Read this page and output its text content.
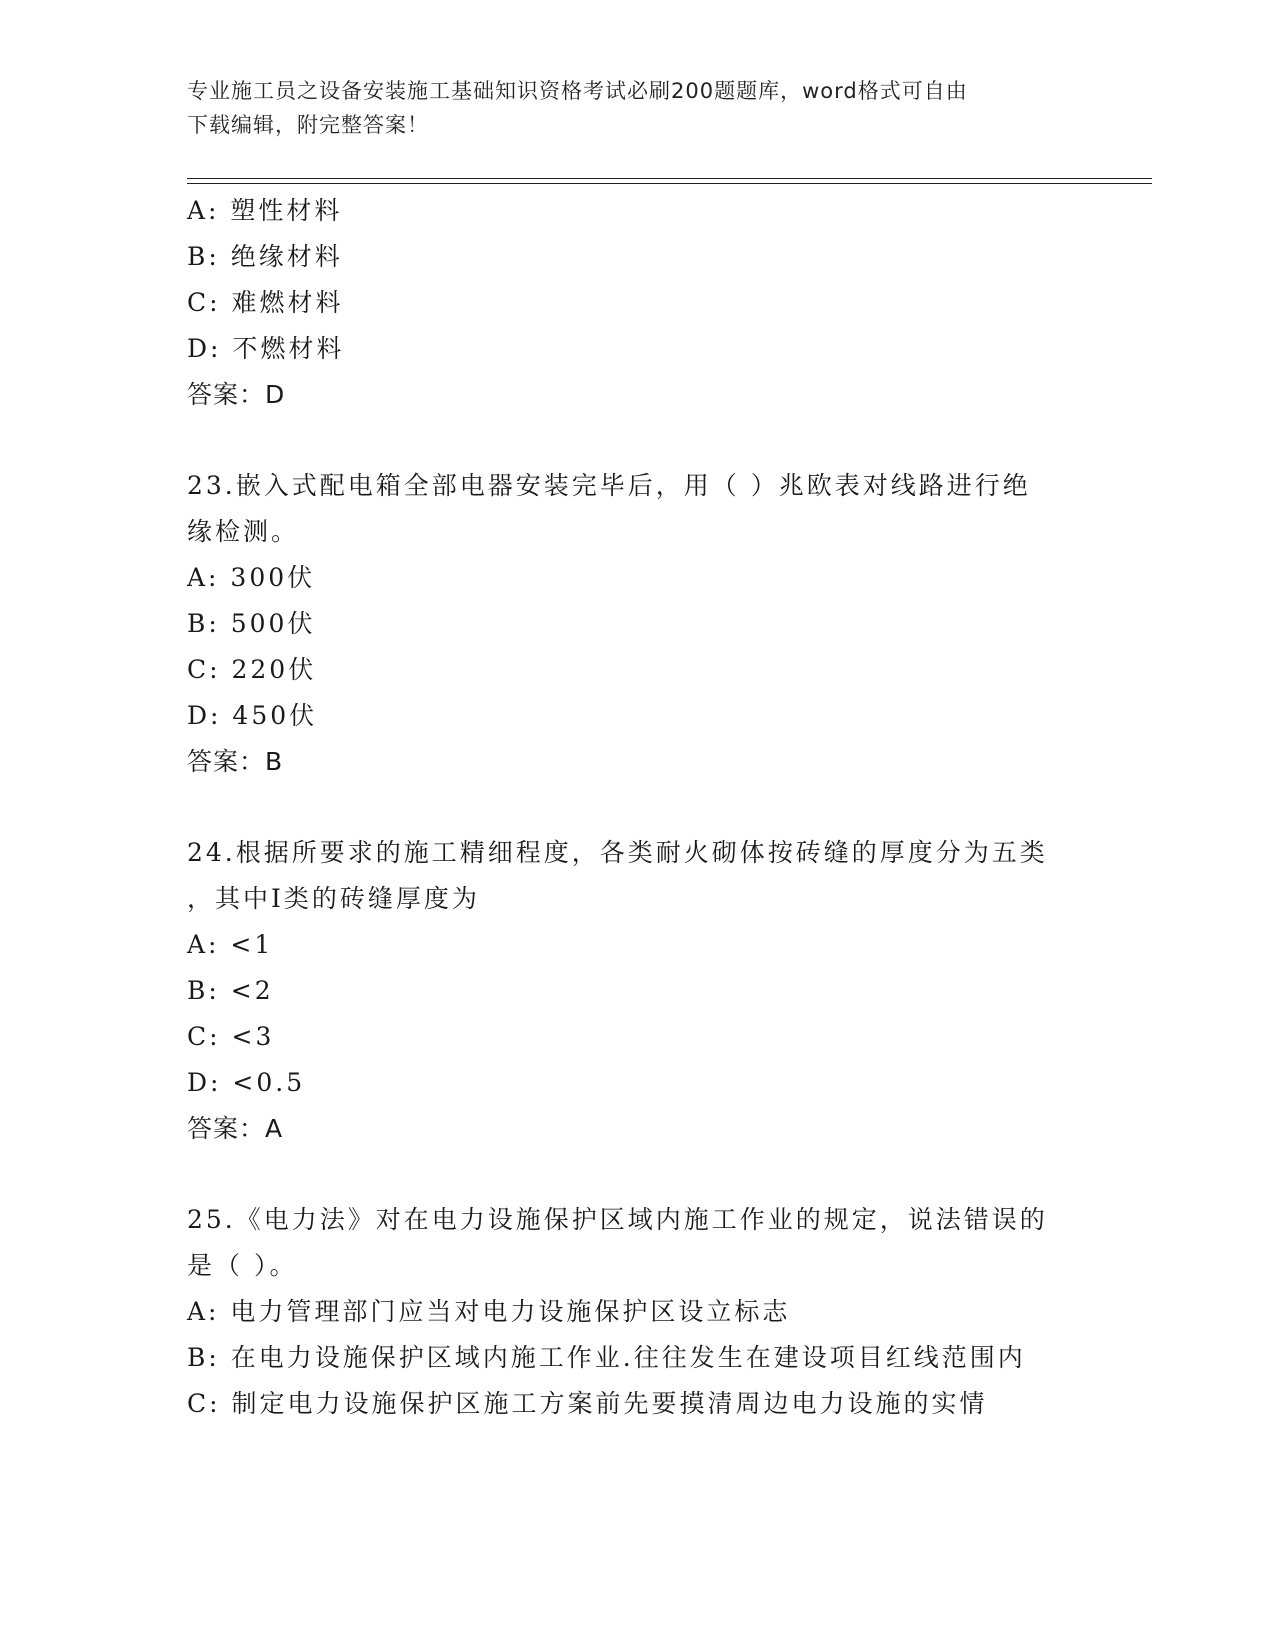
专业施工员之设备安装施工基础知识资格考试必刷200题题库，word格式可自由
下载编辑，附完整答案！
A: 塑性材料
B: 绝缘材料
C: 难燃材料
D: 不燃材料
答案：D
23.嵌入式配电箱全部电器安装完毕后，用（ ）兆欧表对线路进行绝
缘检测。
A: 300伏
B: 500伏
C: 220伏
D: 450伏
答案：B
24.根据所要求的施工精细程度，各类耐火砌体按砖缝的厚度分为五类
，其中I类的砖缝厚度为
A: <1
B: <2
C: <3
D: <0.5
答案：A
25.《电力法》对在电力设施保护区域内施工作业的规定，说法错误的
是（ ）。
A: 电力管理部门应当对电力设施保护区设立标志
B: 在电力设施保护区域内施工作业.往往发生在建设项目红线范围内
C: 制定电力设施保护区施工方案前先要摸清周边电力设施的实情
